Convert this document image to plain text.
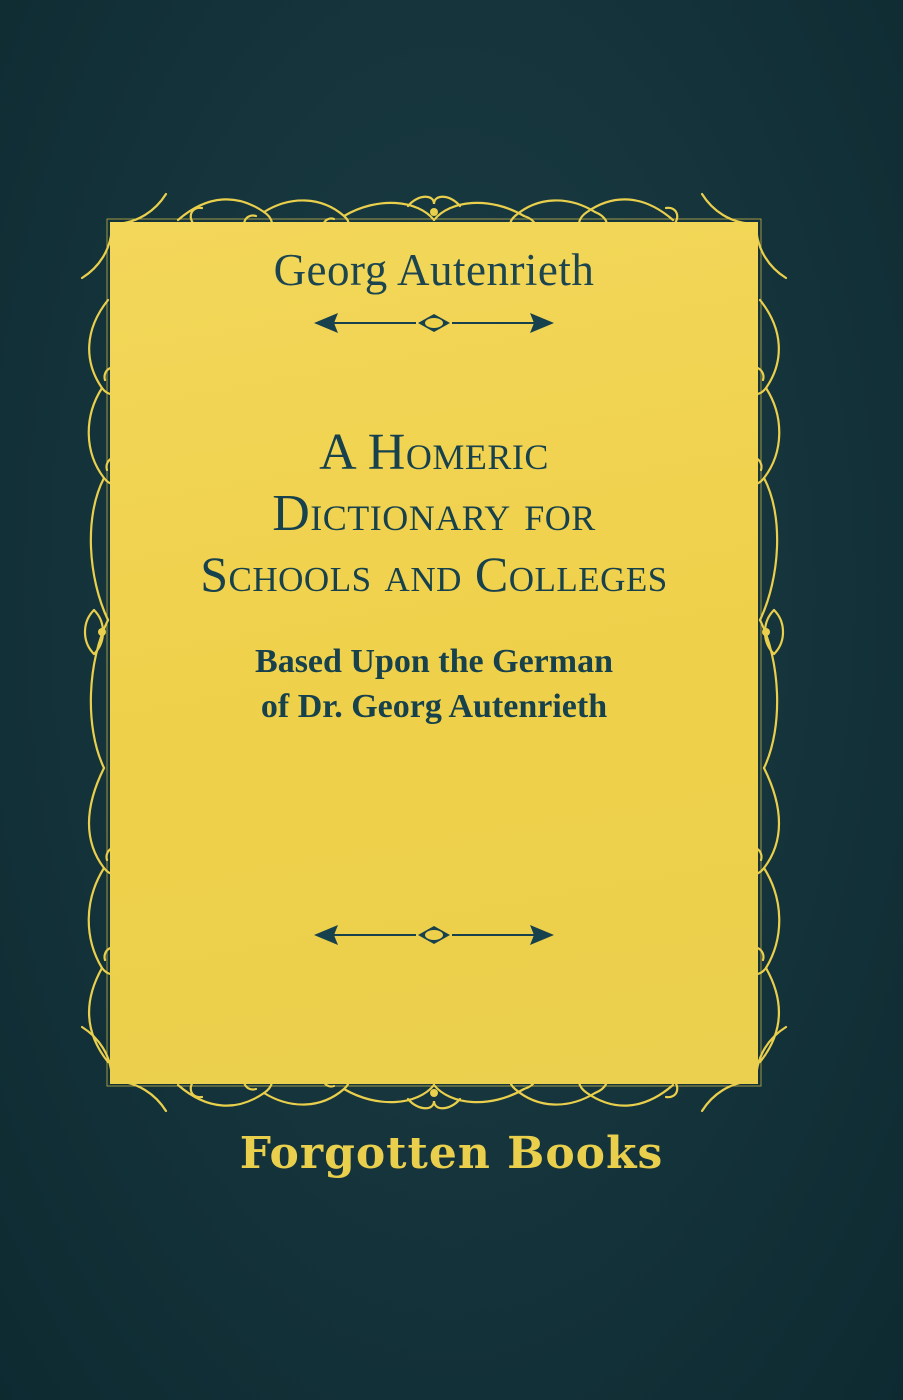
Georg Autenrieth
A Homeric
Dictionary for
Schools and Colleges
Based Upon the German
of Dr. Georg Autenrieth
Forgotten Books
